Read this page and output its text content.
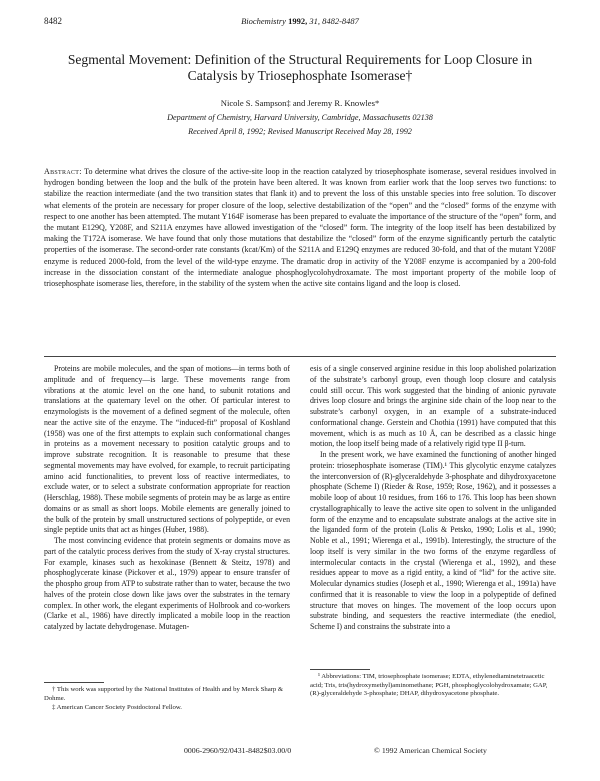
8482	Biochemistry 1992, 31, 8482-8487
Segmental Movement: Definition of the Structural Requirements for Loop Closure in Catalysis by Triosephosphate Isomerase†
Nicole S. Sampson‡ and Jeremy R. Knowles*
Department of Chemistry, Harvard University, Cambridge, Massachusetts 02138
Received April 8, 1992; Revised Manuscript Received May 28, 1992
Abstract: To determine what drives the closure of the active-site loop in the reaction catalyzed by triosephosphate isomerase, several residues involved in hydrogen bonding between the loop and the bulk of the protein have been altered. It was known from earlier work that the loop serves two functions: to stabilize the reaction intermediate (and the two transition states that flank it) and to prevent the loss of this unstable species into free solution. To discover what elements of the protein are necessary for proper closure of the loop, selective destabilization of the “open” and the “closed” forms of the enzyme with respect to one another has been attempted. The mutant Y164F isomerase has been prepared to evaluate the importance of the structure of the “open” form, and the mutant E129Q, Y208F, and S211A enzymes have allowed investigation of the “closed” form. The integrity of the loop itself has been destabilized by making the T172A isomerase. We have found that only those mutations that destabilize the “closed” form of the enzyme significantly perturb the catalytic properties of the isomerase. The second-order rate constants (kcat/Km) of the S211A and E129Q enzymes are reduced 30-fold, and that of the mutant Y208F enzyme is reduced 2000-fold, from the level of the wild-type enzyme. The dramatic drop in activity of the Y208F enzyme is accompanied by a 200-fold increase in the dissociation constant of the intermediate analogue phosphoglycolohydroxamate. The most important property of the mobile loop of triosephosphate isomerase lies, therefore, in the stability of the system when the active site contains ligand and the loop is closed.

Proteins are mobile molecules, and the span of motions—in terms both of amplitude and of frequency—is large. These movements range from vibrations at the atomic level on the one hand, to subunit rotations and translations at the quaternary level on the other. Of particular interest to enzymologists is the movement of a defined segment of the molecule, often near the active site of the enzyme. The “induced-fit” proposal of Koshland (1958) was one of the first attempts to explain such conformational changes in proteins as a movement necessary to position catalytic groups and to improve substrate recognition. It is reasonable to presume that these segmental movements may have evolved, for example, to recruit participating amino acid functionalities, to prevent loss of reactive intermediates, to exclude water, or to select a substrate conformation appropriate for reaction (Herschlag, 1988). These mobile segments of protein may be as large as entire domains or as small as short loops. Mobile elements are generally joined to the bulk of the protein by small unstructured sections of polypeptide, or even single peptide units that act as hinges (Huber, 1988).

The most convincing evidence that protein segments or domains move as part of the catalytic process derives from the study of X-ray crystal structures. For example, kinases such as hexokinase (Bennett & Steitz, 1978) and phosphoglycerate kinase (Pickover et al., 1979) appear to ensure transfer of the phospho group from ATP to substrate rather than to water, because the two halves of the protein close down like jaws over the substrates in the ternary complex. In other work, the elegant experiments of Holbrook and co-workers (Clarke et al., 1986) have directly implicated a mobile loop in the reaction catalyzed by lactate dehydrogenase. Mutagen-

esis of a single conserved arginine residue in this loop abolished polarization of the substrate’s carbonyl group, even though loop closure and catalysis could still occur. This work suggested that the binding of anionic pyruvate drives loop closure and brings the arginine side chain of the loop near to the substrate’s carbonyl oxygen, in an example of a substrate-induced conformational change. Gerstein and Chothia (1991) have computed that this movement, which is as much as 10 Å, can be described as a classic hinge motion, the loop itself being made of a relatively rigid type II β-turn.

In the present work, we have examined the functioning of another hinged protein: triosephosphate isomerase (TIM).¹ This glycolytic enzyme catalyzes the interconversion of (R)-glyceraldehyde 3-phosphate and dihydroxyacetone phosphate (Scheme I) (Rieder & Rose, 1959; Rose, 1962), and it possesses a mobile loop of about 10 residues, from 166 to 176. This loop has been shown crystallographically to leave the active site open to solvent in the unliganded form of the enzyme and to encapsulate substrate analogs at the active site in the liganded form of the protein (Lolis & Petsko, 1990; Lolis et al., 1990; Noble et al., 1991; Wierenga et al., 1991b). Interestingly, the structure of the loop itself is very similar in the two forms of the enzyme regardless of intermolecular contacts in the crystal (Wierenga et al., 1992), and these residues appear to move as a rigid entity, a kind of “lid” for the active site. Molecular dynamics studies (Joseph et al., 1990; Wierenga et al., 1991a) have confirmed that it is reasonable to view the loop in a polypeptide of defined structure that moves on hinges. The movement of the loop occurs upon substrate binding, and sequesters the reactive intermediate (the enediol, Scheme I) and constrains the substrate into a

† This work was supported by the National Institutes of Health and by Merck Sharp & Dohme.

‡ American Cancer Society Postdoctoral Fellow.

¹ Abbreviations: TIM, triosephosphate isomerase; EDTA, ethylenediaminetetraacetic acid; Tris, tris(hydroxymethyl)aminomethane; PGH, phosphoglycolohydroxamate; GAP, (R)-glyceraldehyde 3-phosphate; DHAP, dihydroxyacetone phosphate.

0006-2960/92/0431-8482$03.00/0	© 1992 American Chemical Society
